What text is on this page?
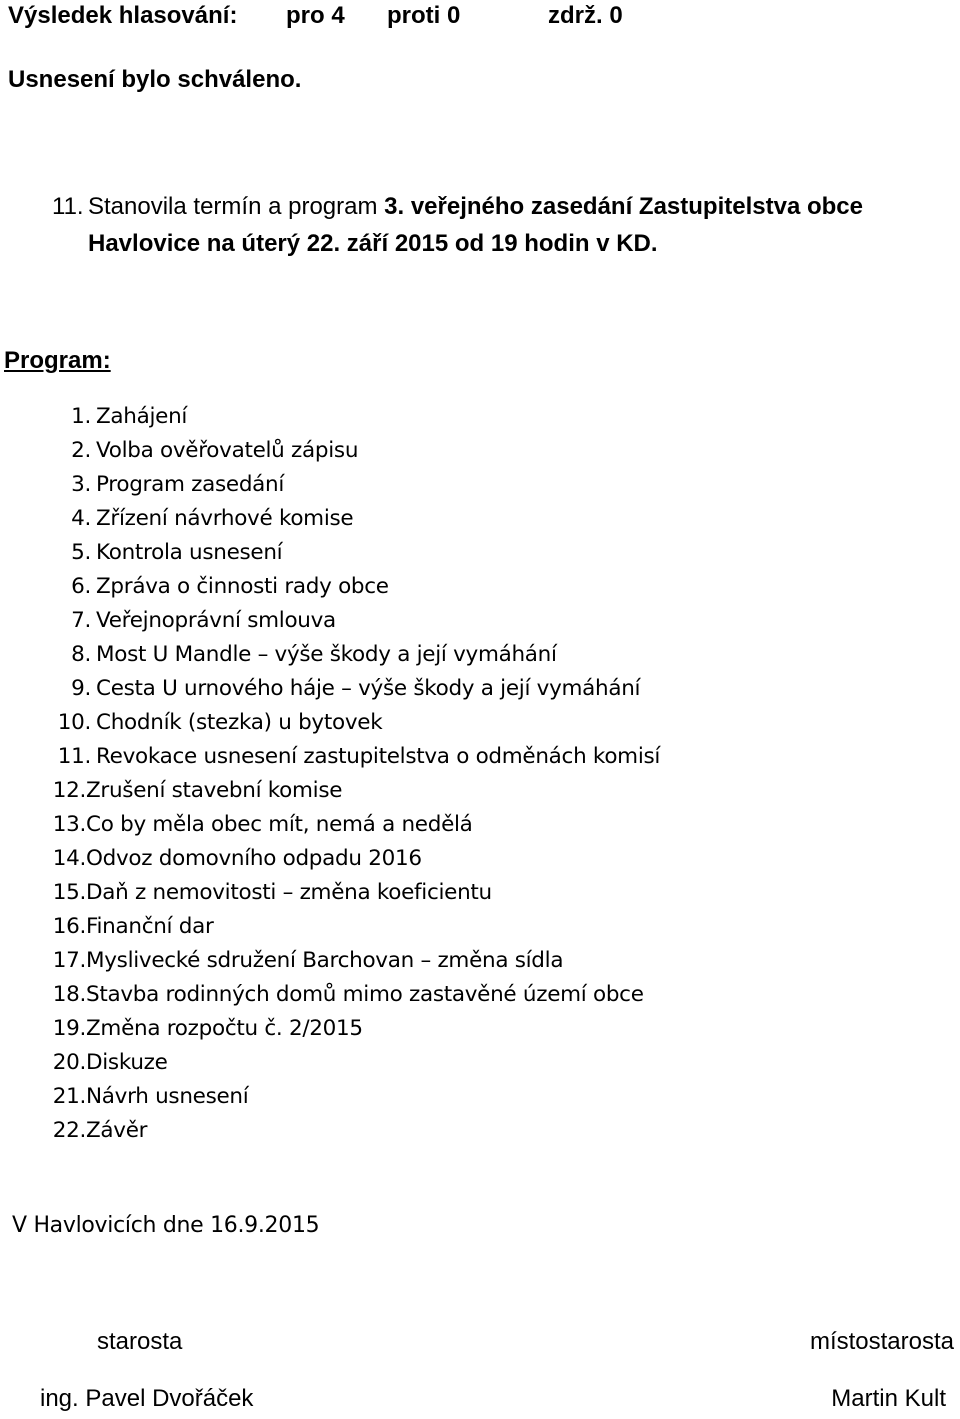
Výsledek hlasování: pro 4 proti 0	zdrž. 0
Usnesení bylo schváleno.
11. Stanovila termín a program 3. veřejného zasedání Zastupitelstva obce
Havlovice na úterý 22. září 2015 od 19 hodin v KD.
Program:
1. Zahájení
2. Volba ověřovatelů zápisu
3. Program zasedání
4. Zřízení návrhové komise
5. Kontrola usnesení
6. Zpráva o činnosti rady obce
7. Veřejnoprávní smlouva
8. Most U Mandle – výše škody a její vymáhání
9. Cesta U urnového háje – výše škody a její vymáhání
10. Chodník (stezka) u bytovek
11. Revokace usnesení zastupitelstva o odměnách komisí
12. Zrušení stavební komise
13. Co by měla obec mít, nemá a nedělá
14. Odvoz domovního odpadu 2016
15. Daň z nemovitosti – změna koeficientu
16. Finanční dar
17. Myslivecké sdružení Barchovan – změna sídla
18. Stavba rodinných domů mimo zastavěné území obce
19. Změna rozpočtu č. 2/2015
20. Diskuze
21. Návrh usnesení
22. Závěr
V Havlovicích dne 16.9.2015
starosta	místostarosta
ing. Pavel Dvořáček	Martin Kult
